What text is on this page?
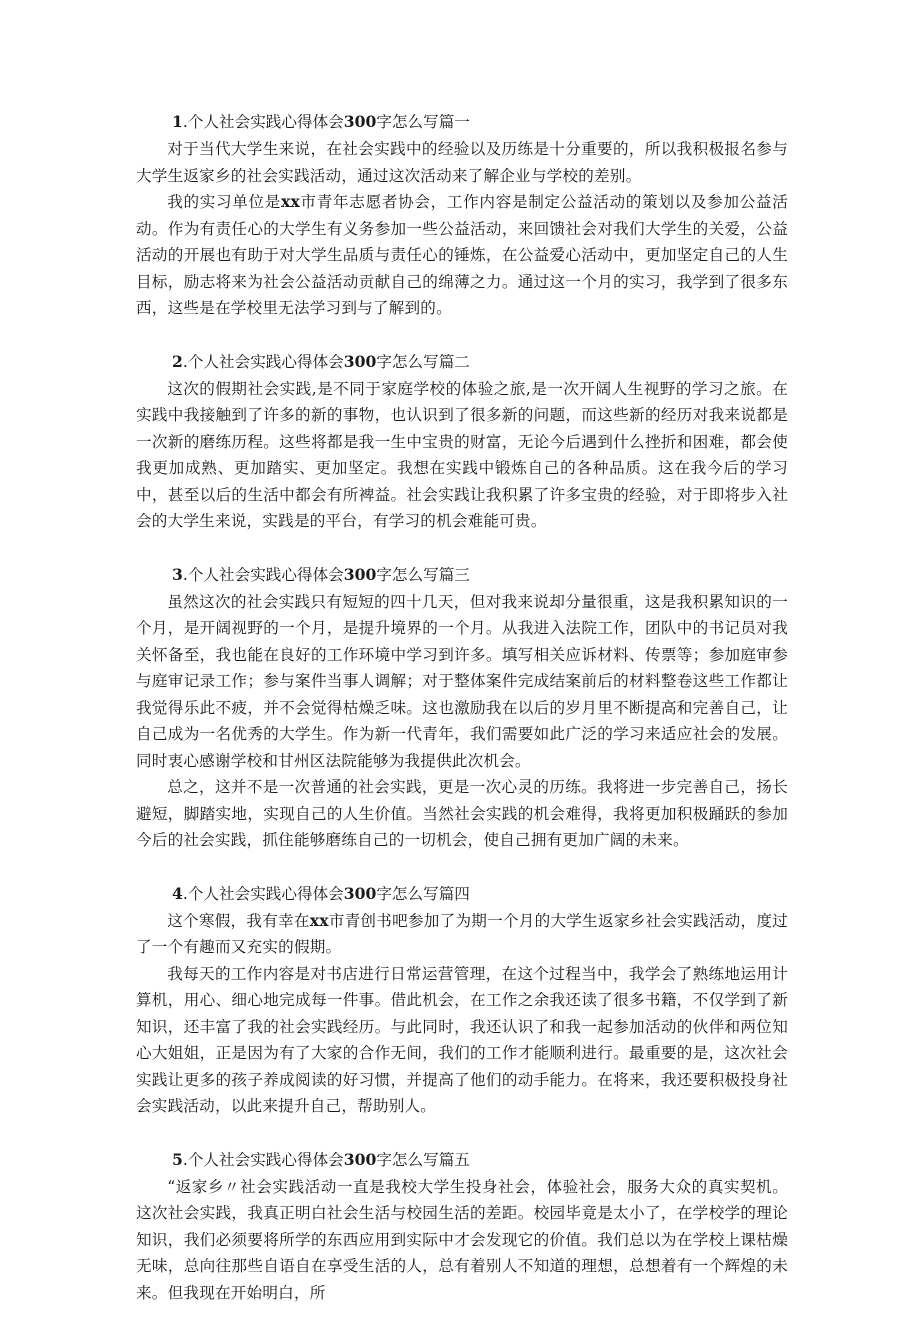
1.个人社会实践心得体会300字怎么写篇一

对于当代大学生来说，在社会实践中的经验以及历练是十分重要的，所以我积极报名参与大学生返家乡的社会实践活动，通过这次活动来了解企业与学校的差别。

我的实习单位是xx市青年志愿者协会，工作内容是制定公益活动的策划以及参加公益活动。作为有责任心的大学生有义务参加一些公益活动，来回馈社会对我们大学生的关爱，公益活动的开展也有助于对大学生品质与责任心的锤炼，在公益爱心活动中，更加坚定自己的人生目标，励志将来为社会公益活动贡献自己的绵薄之力。通过这一个月的实习，我学到了很多东西，这些是在学校里无法学习到与了解到的。

2.个人社会实践心得体会300字怎么写篇二

这次的假期社会实践,是不同于家庭学校的体验之旅,是一次开阔人生视野的学习之旅。在实践中我接触到了许多的新的事物，也认识到了很多新的问题，而这些新的经历对我来说都是一次新的磨练历程。这些将都是我一生中宝贵的财富，无论今后遇到什么挫折和困难，都会使我更加成熟、更加踏实、更加坚定。我想在实践中锻炼自己的各种品质。这在我今后的学习中，甚至以后的生活中都会有所裨益。社会实践让我积累了许多宝贵的经验，对于即将步入社会的大学生来说，实践是的平台，有学习的机会难能可贵。

3.个人社会实践心得体会300字怎么写篇三

虽然这次的社会实践只有短短的四十几天，但对我来说却分量很重，这是我积累知识的一个月，是开阔视野的一个月，是提升境界的一个月。从我进入法院工作，团队中的书记员对我关怀备至，我也能在良好的工作环境中学习到许多。填写相关应诉材料、传票等；参加庭审参与庭审记录工作；参与案件当事人调解；对于整体案件完成结案前后的材料整卷这些工作都让我觉得乐此不疲，并不会觉得枯燥乏味。这也激励我在以后的岁月里不断提高和完善自己，让自己成为一名优秀的大学生。作为新一代青年，我们需要如此广泛的学习来适应社会的发展。同时衷心感谢学校和甘州区法院能够为我提供此次机会。

总之，这并不是一次普通的社会实践，更是一次心灵的历练。我将进一步完善自己，扬长避短，脚踏实地，实现自己的人生价值。当然社会实践的机会难得，我将更加积极踊跃的参加今后的社会实践，抓住能够磨练自己的一切机会，使自己拥有更加广阔的未来。

4.个人社会实践心得体会300字怎么写篇四

这个寒假，我有幸在xx市青创书吧参加了为期一个月的大学生返家乡社会实践活动，度过了一个有趣而又充实的假期。

我每天的工作内容是对书店进行日常运营管理，在这个过程当中，我学会了熟练地运用计算机，用心、细心地完成每一件事。借此机会，在工作之余我还读了很多书籍，不仅学到了新知识，还丰富了我的社会实践经历。与此同时，我还认识了和我一起参加活动的伙伴和两位知心大姐姐，正是因为有了大家的合作无间，我们的工作才能顺利进行。最重要的是，这次社会实践让更多的孩子养成阅读的好习惯，并提高了他们的动手能力。在将来，我还要积极投身社会实践活动，以此来提升自己，帮助别人。

5.个人社会实践心得体会300字怎么写篇五

“返家乡〃社会实践活动一直是我校大学生投身社会，体验社会，服务大众的真实契机。这次社会实践，我真正明白社会生活与校园生活的差距。校园毕竟是太小了，在学校学的理论知识，我们必须要将所学的东西应用到实际中才会发现它的价值。我们总以为在学校上课枯燥无味，总向往那些自语自在享受生活的人，总有着别人不知道的理想，总想着有一个辉煌的未来。但我现在开始明白，所
